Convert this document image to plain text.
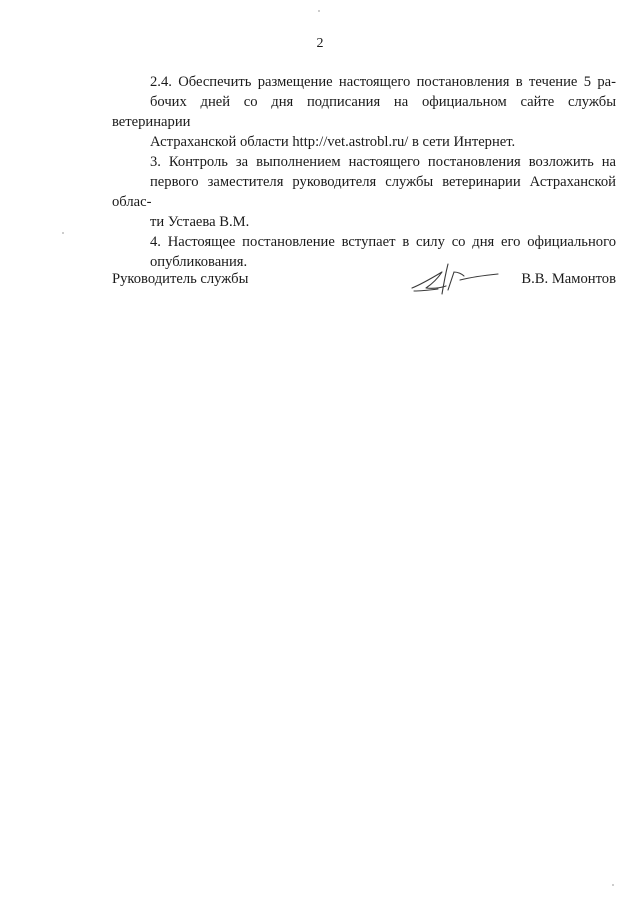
2

2.4. Обеспечить размещение настоящего постановления в течение 5 ра-
бочих дней со дня подписания на официальном сайте службы ветеринарии
Астраханской области http://vet.astrobl.ru/ в сети Интернет.

3. Контроль за выполнением настоящего постановления возложить на
первого заместителя руководителя службы ветеринарии Астраханской облас-
ти Устаева В.М.

4. Настоящее постановление вступает в силу со дня его официального
опубликования.

Руководитель службы	В.В. Мамонтов
